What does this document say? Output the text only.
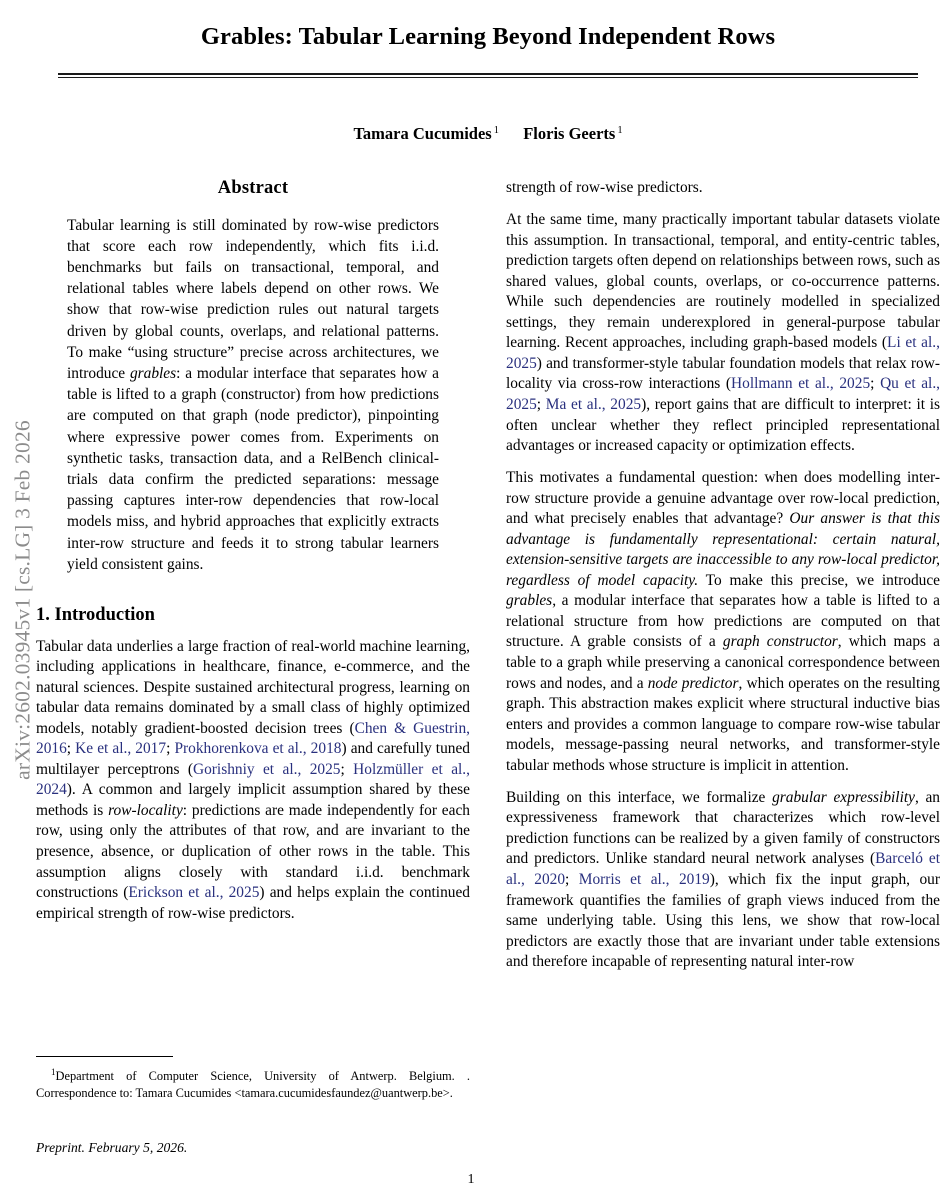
arXiv:2602.03945v1 [cs.LG] 3 Feb 2026
Grables: Tabular Learning Beyond Independent Rows
Tamara Cucumides $^1$ Floris Geerts $^1$
Abstract
Tabular learning is still dominated by row-wise predictors that score each row independently, which fits i.i.d. benchmarks but fails on transactional, temporal, and relational tables where labels depend on other rows. We show that row-wise prediction rules out natural targets driven by global counts, overlaps, and relational patterns. To make “using structure” precise across architectures, we introduce grables: a modular interface that separates how a table is lifted to a graph (constructor) from how predictions are computed on that graph (node predictor), pinpointing where expressive power comes from. Experiments on synthetic tasks, transaction data, and a RelBench clinical-trials data confirm the predicted separations: message passing captures inter-row dependencies that row-local models miss, and hybrid approaches that explicitly extracts inter-row structure and feeds it to strong tabular learners yield consistent gains.
1. Introduction

Tabular data underlies a large fraction of real-world machine learning, including applications in healthcare, finance, e-commerce, and the natural sciences. Despite sustained architectural progress, learning on tabular data remains dominated by a small class of highly optimized models, notably gradient-boosted decision trees (Chen & Guestrin, 2016; Ke et al., 2017; Prokhorenkova et al., 2018) and carefully tuned multilayer perceptrons (Gorishniy et al., 2025; Holzmüller et al., 2024). A common and largely implicit assumption shared by these methods is row-locality: predictions are made independently for each row, using only the attributes of that row, and are invariant to the presence, absence, or duplication of other rows in the table. This assumption aligns closely with standard i.i.d. benchmark constructions (Erickson et al., 2025) and helps explain the continued empirical strength of row-wise predictors.

strength of row-wise predictors.

At the same time, many practically important tabular datasets violate this assumption. In transactional, temporal, and entity-centric tables, prediction targets often depend on relationships between rows, such as shared values, global counts, overlaps, or co-occurrence patterns. While such dependencies are routinely modelled in specialized settings, they remain underexplored in general-purpose tabular learning. Recent approaches, including graph-based models (Li et al., 2025) and transformer-style tabular foundation models that relax row-locality via cross-row interactions (Hollmann et al., 2025; Qu et al., 2025; Ma et al., 2025), report gains that are difficult to interpret: it is often unclear whether they reflect principled representational advantages or increased capacity or optimization effects.

This motivates a fundamental question: when does modelling inter-row structure provide a genuine advantage over row-local prediction, and what precisely enables that advantage? Our answer is that this advantage is fundamentally representational: certain natural, extension-sensitive targets are inaccessible to any row-local predictor, regardless of model capacity. To make this precise, we introduce grables, a modular interface that separates how a table is lifted to a relational structure from how predictions are computed on that structure. A grable consists of a graph constructor, which maps a table to a graph while preserving a canonical correspondence between rows and nodes, and a node predictor, which operates on the resulting graph. This abstraction makes explicit where structural inductive bias enters and provides a common language to compare row-wise tabular models, message-passing neural networks, and transformer-style tabular methods whose structure is implicit in attention.

Building on this interface, we formalize grabular expressibility, an expressiveness framework that characterizes which row-level prediction functions can be realized by a given family of constructors and predictors. Unlike standard neural network analyses (Barceló et al., 2020; Morris et al., 2019), which fix the input graph, our framework quantifies the families of graph views induced from the same underlying table. Using this lens, we show that row-local predictors are exactly those that are invariant under table extensions and therefore incapable of representing natural inter-row

$^1$Department of Computer Science, University of Antwerp. Belgium. . Correspondence to: Tamara Cucumides <tamara.cucumidesfaundez@uantwerp.be>.
Preprint. February 5, 2026.
1
